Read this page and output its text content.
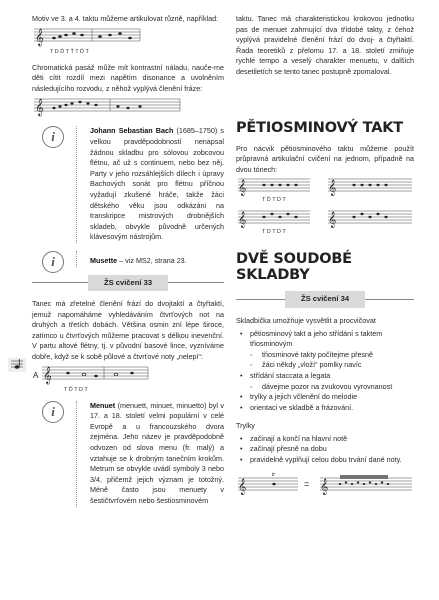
Motiv ve 3. a 4. taktu můžeme artikulovat různě, například:

𝄞
T D Ď T Ť T Ď T

Chromatická pasáž může mít kontrastní náladu, nauče-me děti cítit rozdíl mezi napětím disonance a uvolněním následujícího rozvodu, z něhož vyplývá členění fráze:

𝄞
i	Johann Sebastian Bach (1685–1750) s velkou pravděpodobností nenapsal žádnou skladbu pro sólovou zobcovou flétnu, ač už s continuem, nebo bez něj. Party v jeho rozsáhlejších dílech i úpravy Bachových sonát pro flétnu příčnou vyžadují zkušené hráče, takže žáci dětského věku jsou odkázáni na transkripce mistrových drobnějších skladeb, obvykle původně určených klávesovým nástrojům.

i	Musette – viz MS2, strana 23.

ŽS cvičení 33

Tanec má zřetelné členění frází do dvojtaktí a čtyřtaktí, jemuž napomáháme vyhledáváním čtvrťových not na druhých a třetích dobách. Většina osmin zní lépe široce, zatímco u čtvrťových můžeme pracovat s délkou inevenční. V partu altové flétny, tj. v původní basové lince, vyzníváme dobře, když se k sobě půlové a čtvrťové noty „nelepí“:

A 𝄞
T Ď T D T
i	Menuet (menuett, minuet, minuetto) byl v 17. a 18. století velmi populární v celé Evropě a u francouzského dvora zejména. Jeho název je pravděpodobně odvozen od slova menu (fr. malý) a vztahuje se k drobným tanečním krokům. Metrum se obvykle uvádí symboly 3 nebo 3/4, přičemž jejich význam je totožný. Méně často jsou menuety v šestičtvrťovém nebo šestiosminovém

taktu. Tanec má charakteristickou krokovou jednotku pas de menuet zahrnující dva třídobé takty, z čehož vyplývá pravidelné členění frází do dvoj- a čtyřtaktí. Řada teoretiků z přelomu 17. a 18. století zmiňuje rychlé tempo a veselý charakter menuetu, v dalších desetiletích se tento tanec postupně zpomaloval.

PĚTIOSMINOVÝ TAKT

Pro nácvik pětiosminového taktu můžeme použít průpravná artikulační cvičení na jednom, případně na dvou tónech:

𝄞	𝄞
𝄞	𝄞
T Ď T D T
T D T D T
DVĚ SOUDOBÉ SKLADBY
ŽS cvičení 34

Skladbička umožňuje vysvětlit a procvičovat

• pětiosminový takt a jeho střídání s taktem třiosminovým
◦ třiosminové takty počítejme přesně
◦ žáci někdy „vloží“ pomlky navíc
• střídání staccata a legata
◦ dávejme pozor na zvukovou vyrovnanost
• trylky a jejich včlenění do melodie
• orientaci ve skladbě a frázování.

Trylky

• začínají a končí na hlavní notě
• začínají přesně na dobu
• pravidelně vyplňují celou dobu trvání dané noty.
𝄞	𝄞
=
tr
